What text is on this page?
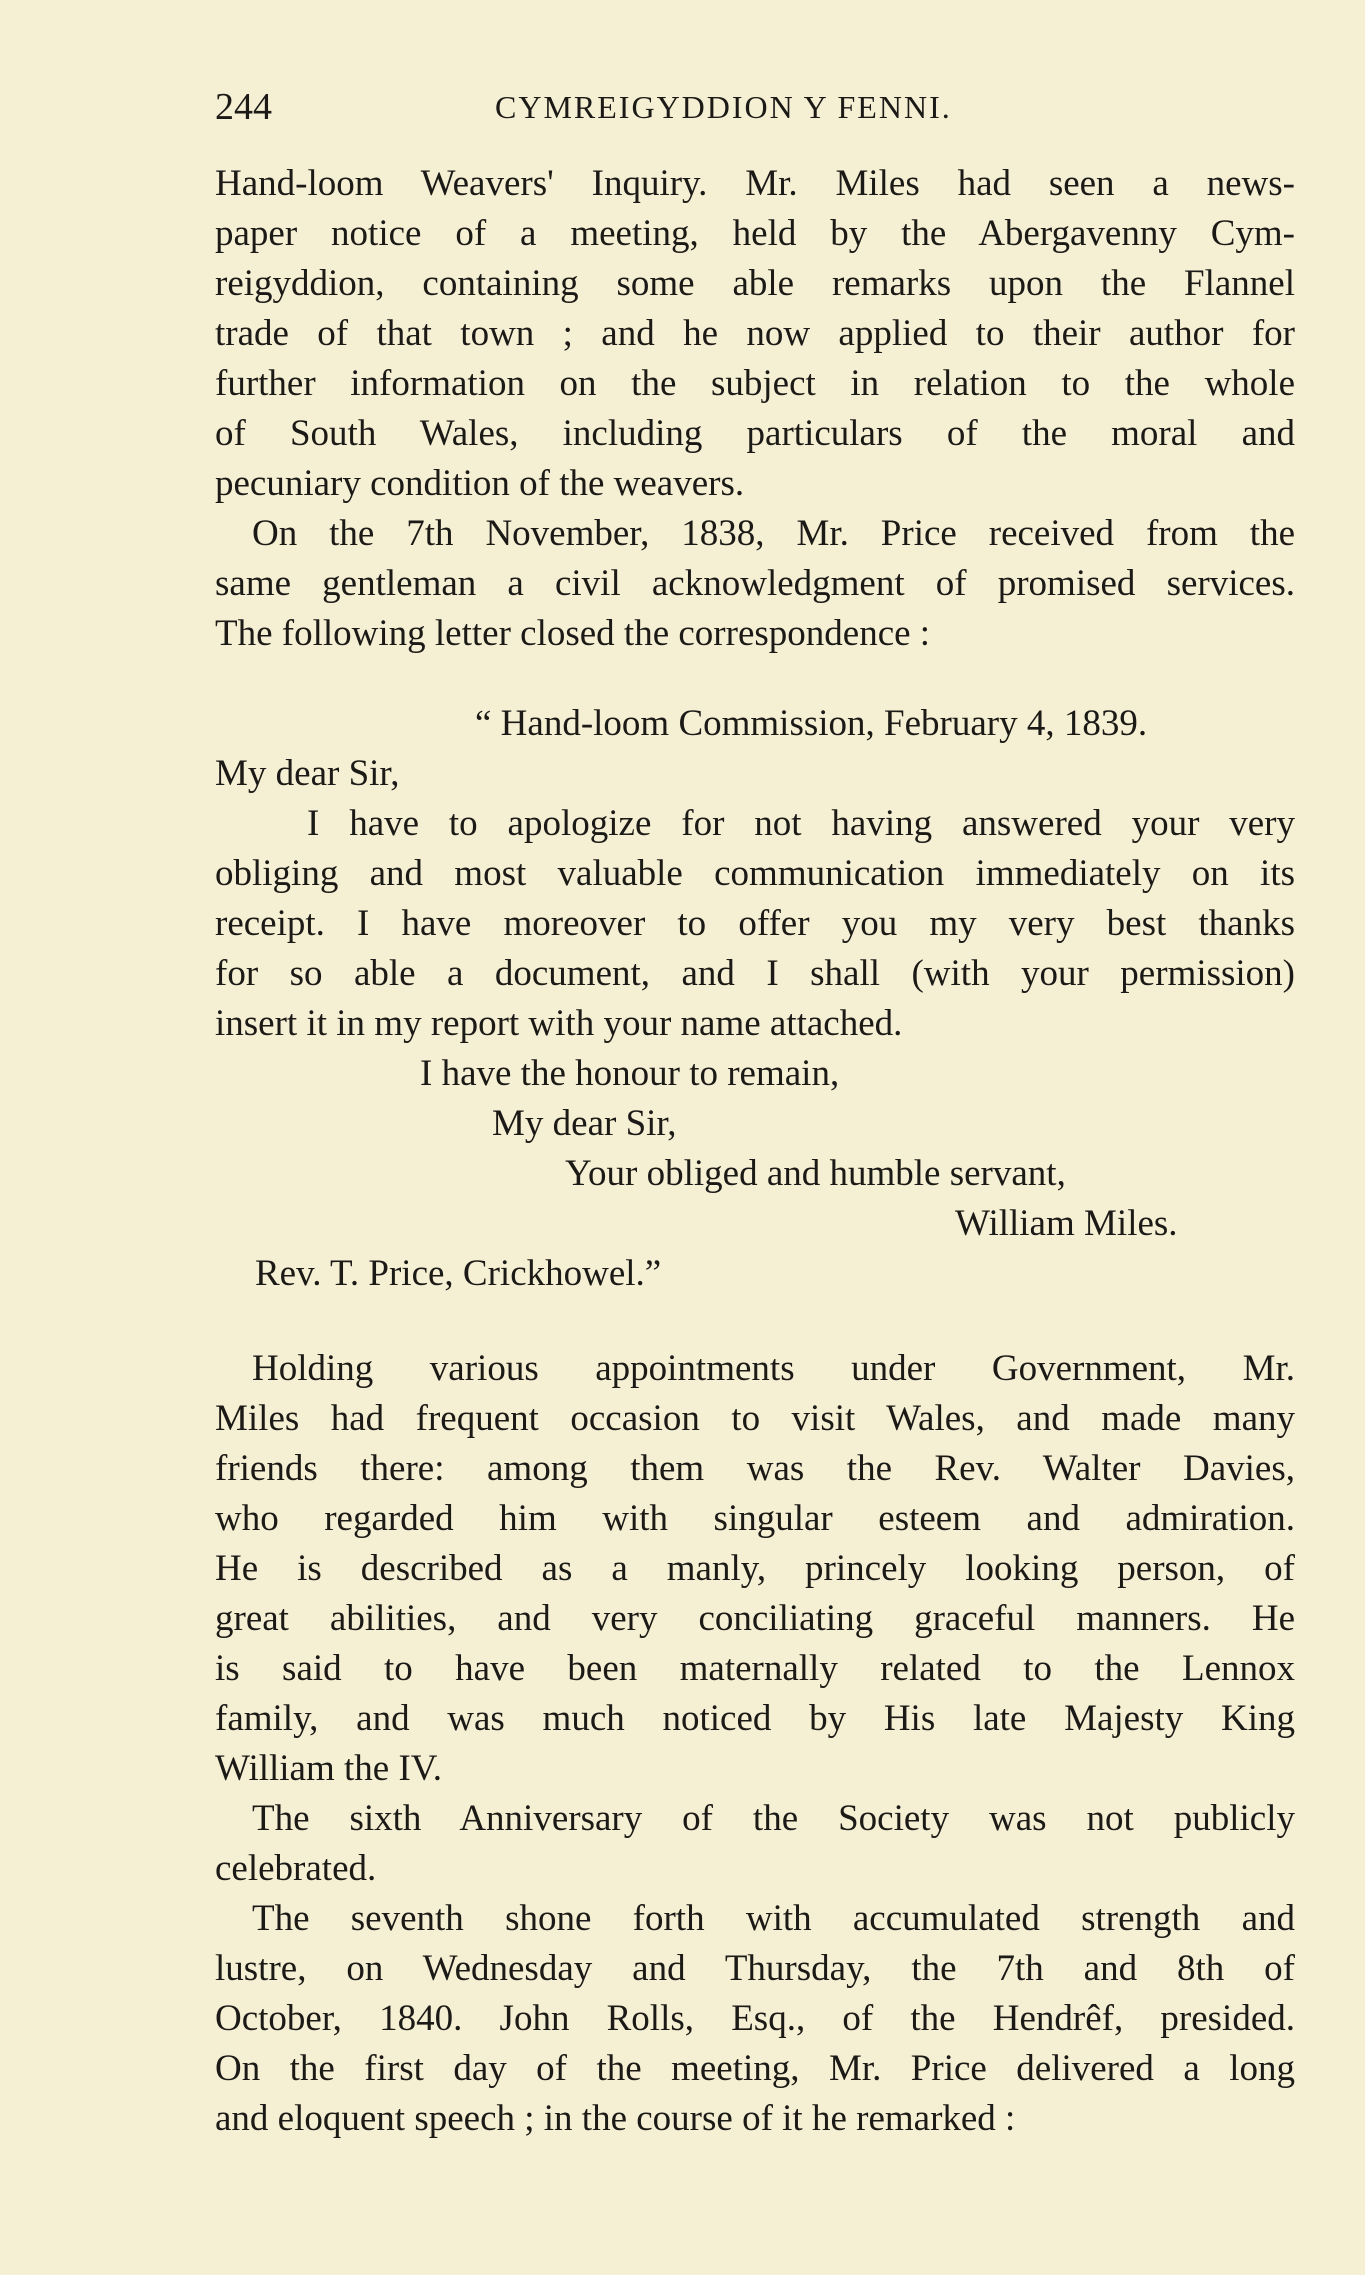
244	CYMREIGYDDION Y FENNI.
Hand-loom Weavers' Inquiry. Mr. Miles had seen a news-
paper notice of a meeting, held by the Abergavenny Cym-
reigyddion, containing some able remarks upon the Flannel
trade of that town ; and he now applied to their author for
further information on the subject in relation to the whole
of South Wales, including particulars of the moral and
pecuniary condition of the weavers.
On the 7th November, 1838, Mr. Price received from the
same gentleman a civil acknowledgment of promised services.
The following letter closed the correspondence :
“ Hand-loom Commission, February 4, 1839.
My dear Sir,
I have to apologize for not having answered your very
obliging and most valuable communication immediately on its
receipt. I have moreover to offer you my very best thanks
for so able a document, and I shall (with your permission)
insert it in my report with your name attached.
I have the honour to remain,
My dear Sir,
Your obliged and humble servant,
William Miles.
Rev. T. Price, Crickhowel.”
Holding various appointments under Government, Mr.
Miles had frequent occasion to visit Wales, and made many
friends there: among them was the Rev. Walter Davies,
who regarded him with singular esteem and admiration.
He is described as a manly, princely looking person, of
great abilities, and very conciliating graceful manners. He
is said to have been maternally related to the Lennox
family, and was much noticed by His late Majesty King
William the IV.
The sixth Anniversary of the Society was not publicly
celebrated.
The seventh shone forth with accumulated strength and
lustre, on Wednesday and Thursday, the 7th and 8th of
October, 1840. John Rolls, Esq., of the Hendrêf, presided.
On the first day of the meeting, Mr. Price delivered a long
and eloquent speech ; in the course of it he remarked :
